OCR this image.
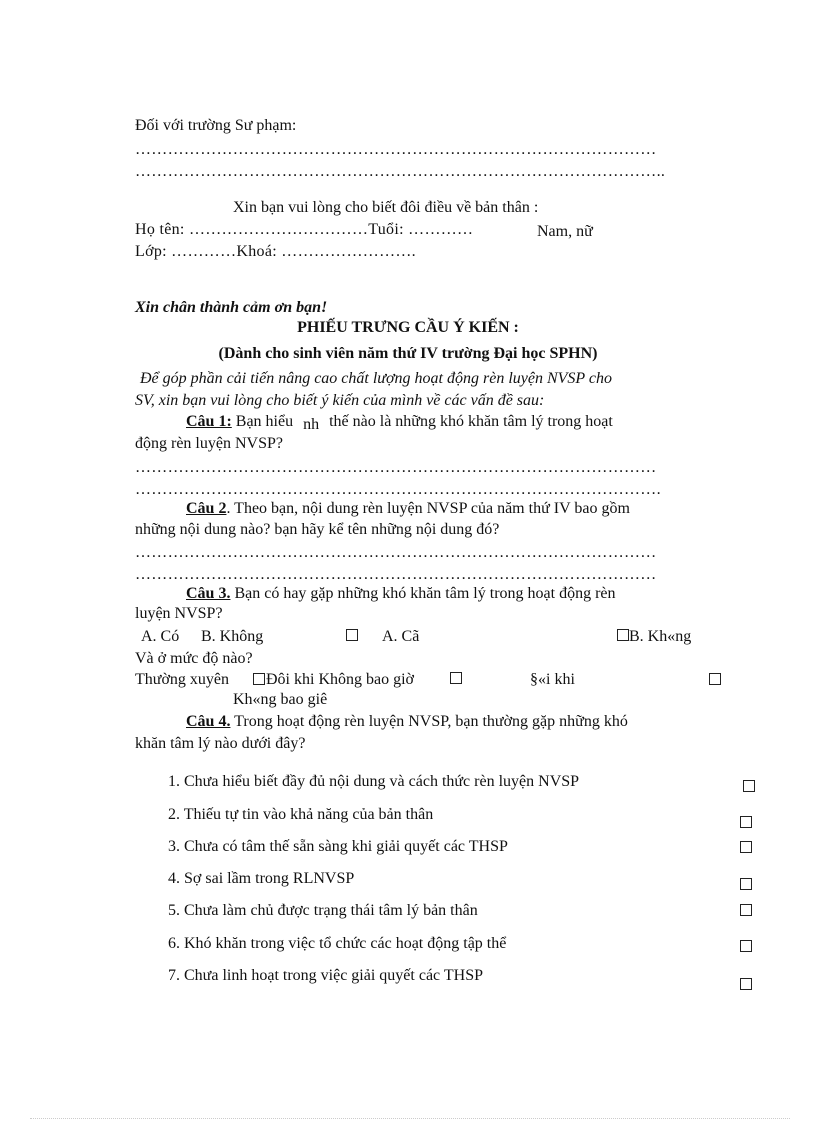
Đối với trường Sư phạm:
……………………………………………………………………………………
……………………………………………………………………………………..
Xin bạn vui lòng cho biết đôi điều về bản thân :
Họ tên: ……………………………Tuổi: …………	Nam, nữ
Lớp: …………Khoá: …………………….
Xin chân thành cảm ơn bạn!
PHIẾU TRƯNG CẦU Ý KIẾN :
(Dành cho sinh viên năm thứ IV trường Đại học SPHN)
Để góp phần cải tiến nâng cao chất lượng hoạt động rèn luyện NVSP cho
SV, xin bạn vui lòng cho biết ý kiến của mình về các vấn đề sau:
Câu 1: Bạn hiểu nh thế nào là những khó khăn tâm lý trong hoạt
động rèn luyện NVSP?
……………………………………………………………………………………
…………………………………………………………………………………….
Câu 2. Theo bạn, nội dung rèn luyện NVSP của năm thứ IV bao gồm
những nội dung nào? bạn hãy kể tên những nội dung đó?
……………………………………………………………………………………
……………………………………………………………………………………
Câu 3. Bạn có hay gặp những khó khăn tâm lý trong hoạt động rèn
luyện NVSP?
A. Có B. Không	A. Cã	B. Kh«ng
Và ở mức độ nào?
Thường xuyên Đôi khi Không bao giờ	§«i khi
Kh«ng bao giê
Câu 4. Trong hoạt động rèn luyện NVSP, bạn thường gặp những khó
khăn tâm lý nào dưới đây?
1. Chưa hiểu biết đầy đủ nội dung và cách thức rèn luyện NVSP
2. Thiếu tự tin vào khả năng của bản thân
3. Chưa có tâm thế sẵn sàng khi giải quyết các THSP
4. Sợ sai lầm trong RLNVSP
5. Chưa làm chủ được trạng thái tâm lý bản thân
6. Khó khăn trong việc tổ chức các hoạt động tập thể
7. Chưa linh hoạt trong việc giải quyết các THSP
